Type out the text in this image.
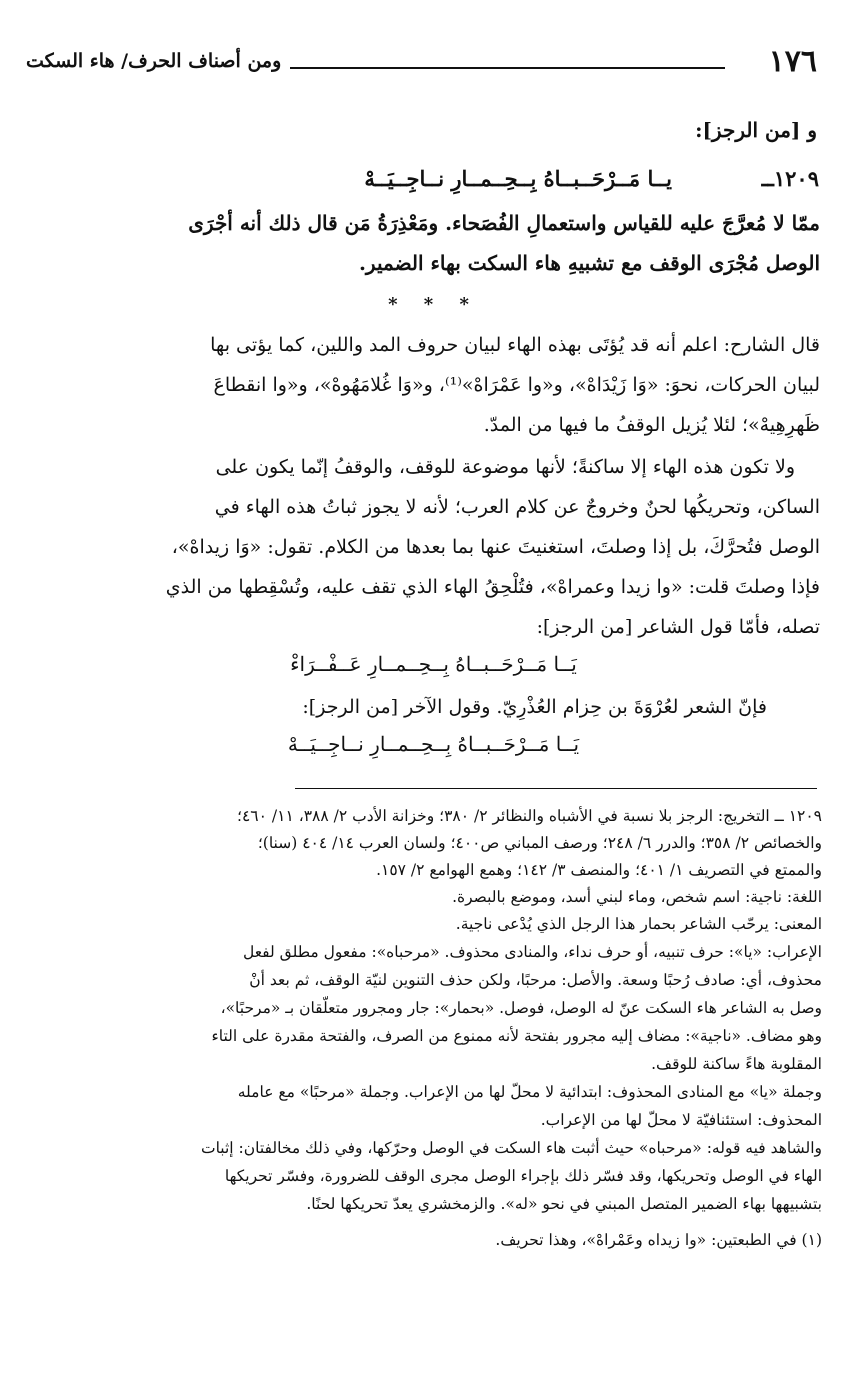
١٧٦
ومن أصناف الحرف/ هاء السكت
و [من الرجز]:
١٢٠٩ــ
يــا مَــرْحَــبــاهُ بِــحِــمــارِ نــاجِــيَــهْ
ممّا لا مُعرَّجَ عليه للقياس واستعمالِ الفُصَحاء. ومَعْذِرَةُ مَن قال ذلك أنه أجْرَى
الوصل مُجْرَى الوقف مع تشبيهِ هاء السكت بهاء الضمير.
* * *
قال الشارح: اعلم أنه قد يُؤتَى بهذه الهاء لبيان حروف المد واللين، كما يؤتى بها
لبيان الحركات، نحوَ: «وَا زَيْدَاهْ»، و«وا عَمْرَاهْ»⁽¹⁾، و«وَا غُلامَهُوهْ»، و«وا انقطاعَ
ظَهرِهِيهْ»؛ لئلا يُزيل الوقفُ ما فيها من المدّ.
ولا تكون هذه الهاء إلا ساكنةً؛ لأنها موضوعة للوقف، والوقفُ إنّما يكون على
الساكن، وتحريكُها لحنٌ وخروجٌ عن كلام العرب؛ لأنه لا يجوز ثباتُ هذه الهاء في
الوصل فتُحرَّكَ، بل إذا وصلتَ، استغنيتَ عنها بما بعدها من الكلام. تقول: «وَا زيداهْ»،
فإذا وصلتَ قلت: «وا زيدا وعمراهْ»، فتُلْحِقُ الهاء الذي تقف عليه، وتُسْقِطها من الذي
تصله، فأمّا قول الشاعر [من الرجز]:
يَــا مَــرْحَــبــاهُ بِــحِــمــارِ عَــفْــرَاءْ
فإنّ الشعر لعُرْوَةَ بن حِزام العُذْرِيّ. وقول الآخر [من الرجز]:
يَــا مَــرْحَــبــاهُ بِــحِــمــارِ نــاجِــيَــهْ
١٢٠٩ ــ التخريج: الرجز بلا نسبة في الأشباه والنظائر ٢/ ٣٨٠؛ وخزانة الأدب ٢/ ٣٨٨، ١١/ ٤٦٠؛
والخصائص ٢/ ٣٥٨؛ والدرر ٦/ ٢٤٨؛ ورصف المباني ص٤٠٠؛ ولسان العرب ١٤/ ٤٠٤ (سنا)؛
والممتع في التصريف ١/ ٤٠١؛ والمنصف ٣/ ١٤٢؛ وهمع الهوامع ٢/ ١٥٧.
اللغة: ناجية: اسم شخص، وماء لبني أسد، وموضع بالبصرة.
المعنى: يرحّب الشاعر بحمار هذا الرجل الذي يُدْعى ناجية.
الإعراب: «يا»: حرف تنبيه، أو حرف نداء، والمنادى محذوف. «مرحباه»: مفعول مطلق لفعل
محذوف، أي: صادف رُحبًا وسعة. والأصل: مرحبًا، ولكن حذف التنوين لنيّة الوقف، ثم بعد أنْ
وصل به الشاعر هاء السكت عنّ له الوصل، فوصل. «بحمار»: جار ومجرور متعلّقان بـ «مرحبًا»،
وهو مضاف. «ناجية»: مضاف إليه مجرور بفتحة لأنه ممنوع من الصرف، والفتحة مقدرة على التاء
المقلوبة هاءً ساكنة للوقف.
وجملة «يا» مع المنادى المحذوف: ابتدائية لا محلّ لها من الإعراب. وجملة «مرحبًا» مع عامله
المحذوف: استئنافيّة لا محلّ لها من الإعراب.
والشاهد فيه قوله: «مرحباه» حيث أثبت هاء السكت في الوصل وحرّكها، وفي ذلك مخالفتان: إثبات
الهاء في الوصل وتحريكها، وقد فسّر ذلك بإجراء الوصل مجرى الوقف للضرورة، وفسّر تحريكها
بتشبيهها بهاء الضمير المتصل المبني في نحو «له». والزمخشري يعدّ تحريكها لحنًا.
(١) في الطبعتين: «وا زيداه وعَمْراهْ»، وهذا تحريف.
